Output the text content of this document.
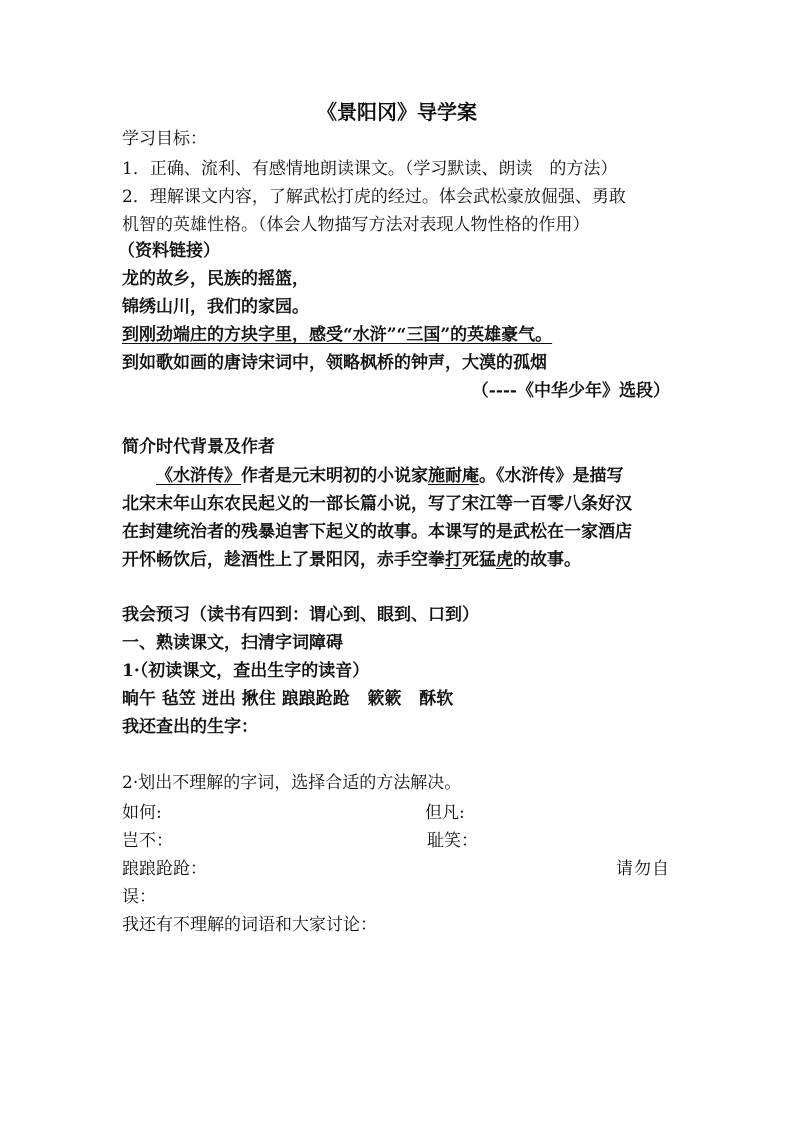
《景阳冈》导学案
学习目标：
1．正确、流利、有感情地朗读课文。（学习默读、朗读　的方法）
2．理解课文内容，了解武松打虎的经过。体会武松豪放倔强、勇敢
机智的英雄性格。（体会人物描写方法对表现人物性格的作用）
（资料链接）
龙的故乡，民族的摇篮，
锦绣山川，我们的家园。
到刚劲端庄的方块字里，感受“水浒”“三国”的英雄豪气。
到如歌如画的唐诗宋词中，领略枫桥的钟声，大漠的孤烟
（----《中华少年》选段）
简介时代背景及作者
《水浒传》作者是元末明初的小说家施耐庵。《水浒传》是描写
北宋末年山东农民起义的一部长篇小说，写了宋江等一百零八条好汉
在封建统治者的残暴迫害下起义的故事。本课写的是武松在一家酒店
开怀畅饮后，趁酒性上了景阳冈，赤手空拳打死猛虎的故事。
我会预习（读书有四到：谓心到、眼到、口到）
一、熟读课文，扫清字词障碍
1·（初读课文，查出生字的读音）
晌午 毡笠 迸出 揪住 踉踉跄跄 簌簌 酥软
我还查出的生字：
2·划出不理解的字词，选择合适的方法解决。
如何:	但凡:
岂不：	耻笑：
踉踉跄跄：	请勿自
误：
我还有不理解的词语和大家讨论：
